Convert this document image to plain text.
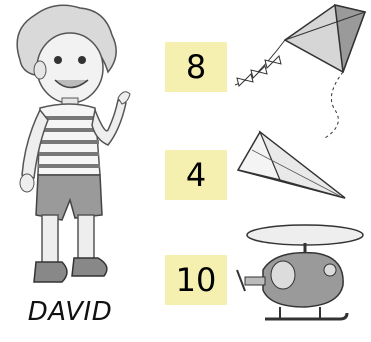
DAVID
8
4
10
